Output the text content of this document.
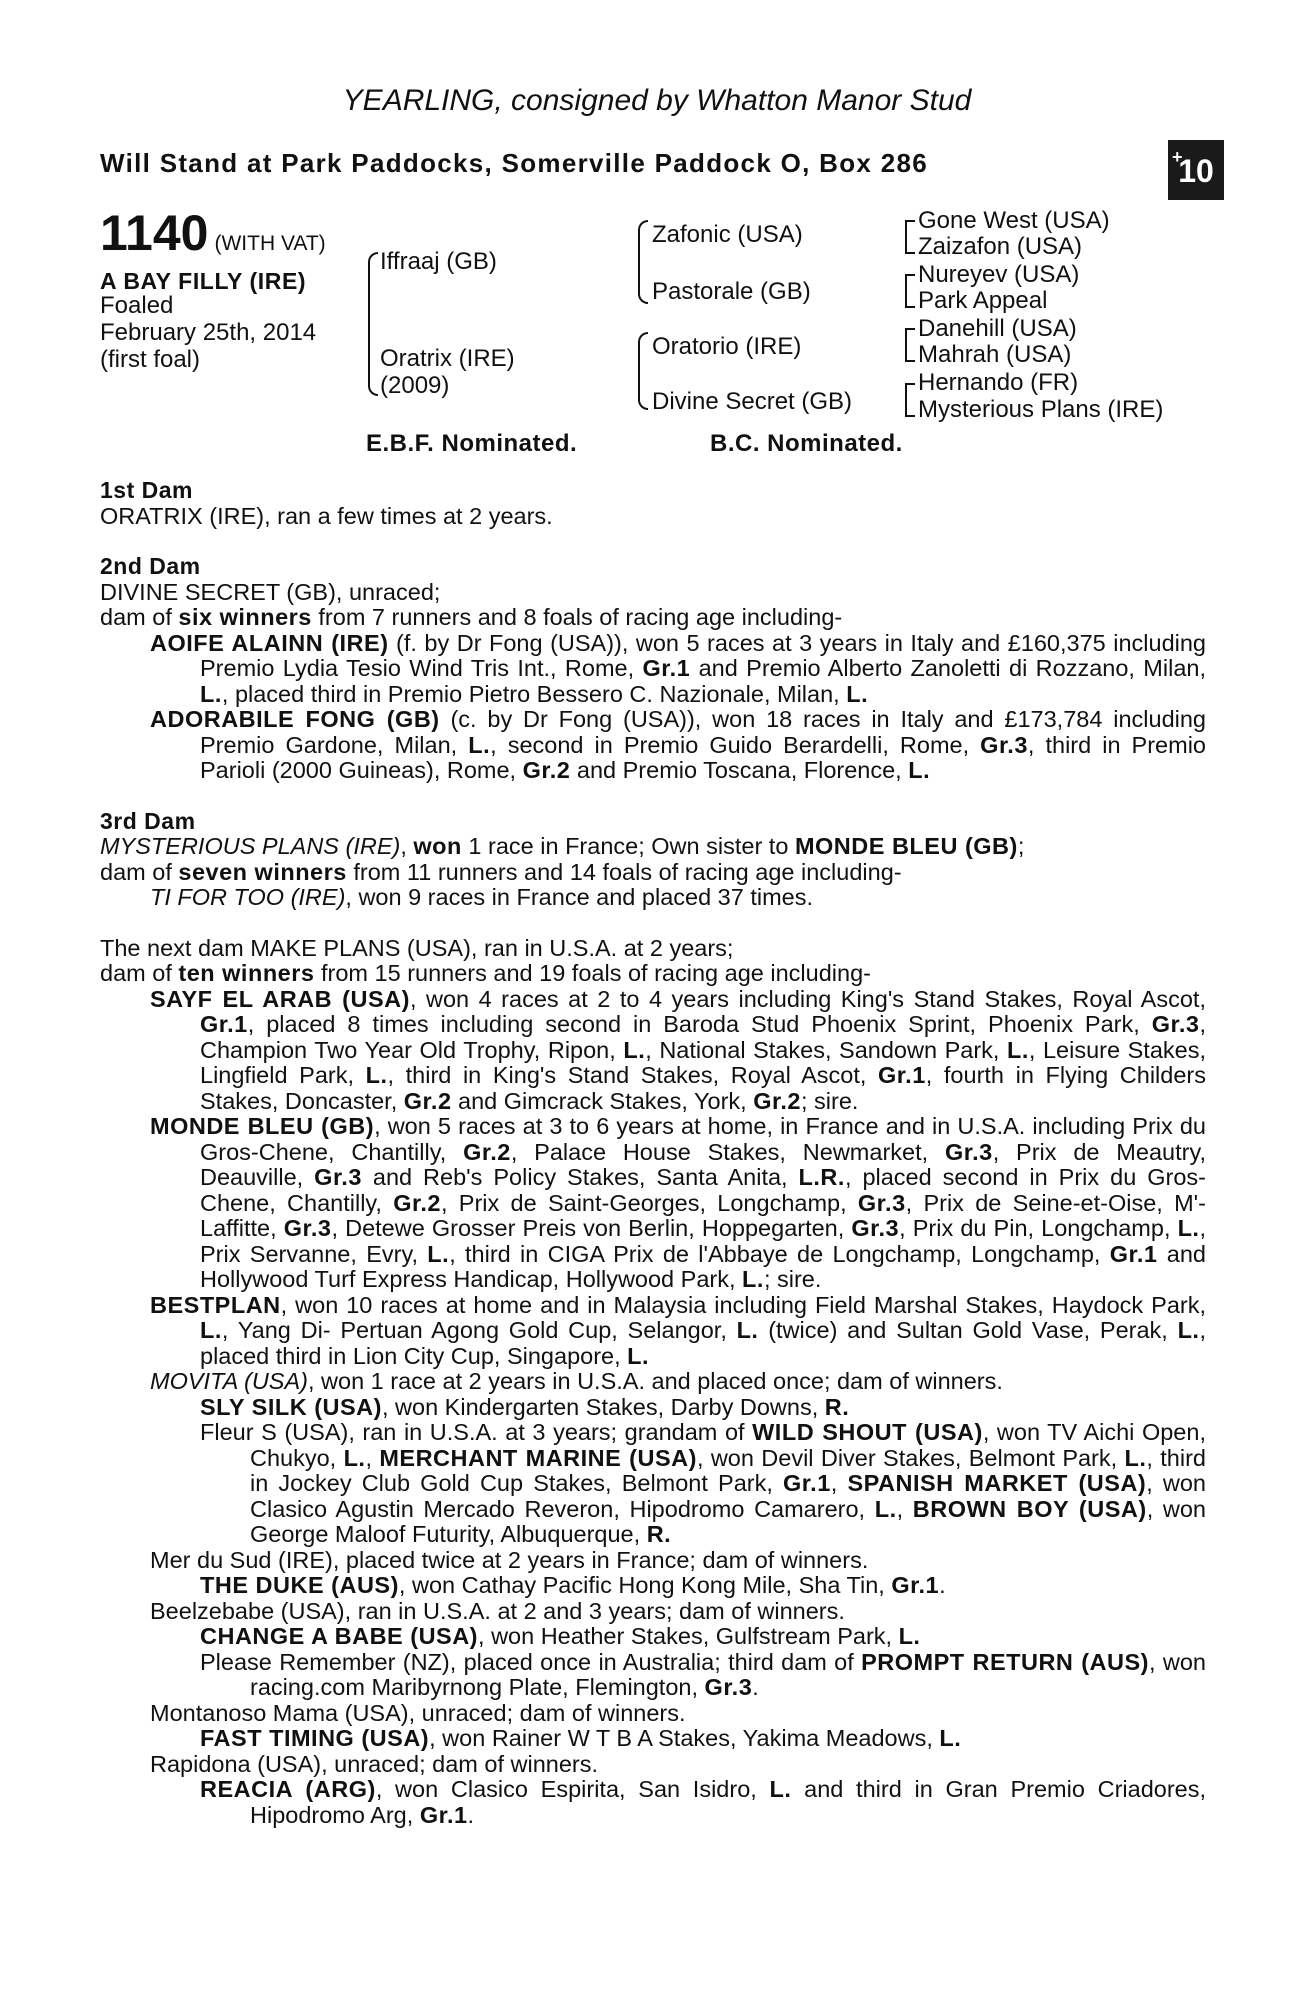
YEARLING, consigned by Whatton Manor Stud
Will Stand at Park Paddocks, Somerville Paddock O, Box 286	+
10
1140 (WITH VAT)
A BAY FILLY (IRE)
Foaled
February 25th, 2014
(first foal)
Iffraaj (GB)
Oratrix (IRE)
(2009)
Zafonic (USA)
Pastorale (GB)
Oratorio (IRE)
Divine Secret (GB)
Gone West (USA)
Zaizafon (USA)
Nureyev (USA)
Park Appeal
Danehill (USA)
Mahrah (USA)
Hernando (FR)
Mysterious Plans (IRE)
E.B.F. Nominated.	B.C. Nominated.
1st Dam
ORATRIX (IRE), ran a few times at 2 years.
2nd Dam
DIVINE SECRET (GB), unraced;
dam of six winners from 7 runners and 8 foals of racing age including-
AOIFE ALAINN (IRE) (f. by Dr Fong (USA)), won 5 races at 3 years in Italy and £160,375 including Premio Lydia Tesio Wind Tris Int., Rome, Gr.1 and Premio Alberto Zanoletti di Rozzano, Milan, L., placed third in Premio Pietro Bessero C. Nazionale, Milan, L.
ADORABILE FONG (GB) (c. by Dr Fong (USA)), won 18 races in Italy and £173,784 including Premio Gardone, Milan, L., second in Premio Guido Berardelli, Rome, Gr.3, third in Premio Parioli (2000 Guineas), Rome, Gr.2 and Premio Toscana, Florence, L.
3rd Dam
MYSTERIOUS PLANS (IRE), won 1 race in France; Own sister to MONDE BLEU (GB);
dam of seven winners from 11 runners and 14 foals of racing age including-
TI FOR TOO (IRE), won 9 races in France and placed 37 times.
The next dam MAKE PLANS (USA), ran in U.S.A. at 2 years;
dam of ten winners from 15 runners and 19 foals of racing age including-
SAYF EL ARAB (USA), won 4 races at 2 to 4 years including King's Stand Stakes, Royal Ascot, Gr.1, placed 8 times including second in Baroda Stud Phoenix Sprint, Phoenix Park, Gr.3, Champion Two Year Old Trophy, Ripon, L., National Stakes, Sandown Park, L., Leisure Stakes, Lingfield Park, L., third in King's Stand Stakes, Royal Ascot, Gr.1, fourth in Flying Childers Stakes, Doncaster, Gr.2 and Gimcrack Stakes, York, Gr.2; sire.
MONDE BLEU (GB), won 5 races at 3 to 6 years at home, in France and in U.S.A. including Prix du Gros-Chene, Chantilly, Gr.2, Palace House Stakes, Newmarket, Gr.3, Prix de Meautry, Deauville, Gr.3 and Reb's Policy Stakes, Santa Anita, L.R., placed second in Prix du Gros-Chene, Chantilly, Gr.2, Prix de Saint-Georges, Longchamp, Gr.3, Prix de Seine-et-Oise, M'-Laffitte, Gr.3, Detewe Grosser Preis von Berlin, Hoppegarten, Gr.3, Prix du Pin, Longchamp, L., Prix Servanne, Evry, L., third in CIGA Prix de l'Abbaye de Longchamp, Longchamp, Gr.1 and Hollywood Turf Express Handicap, Hollywood Park, L.; sire.
BESTPLAN, won 10 races at home and in Malaysia including Field Marshal Stakes, Haydock Park, L., Yang Di- Pertuan Agong Gold Cup, Selangor, L. (twice) and Sultan Gold Vase, Perak, L., placed third in Lion City Cup, Singapore, L.
MOVITA (USA), won 1 race at 2 years in U.S.A. and placed once; dam of winners.
SLY SILK (USA), won Kindergarten Stakes, Darby Downs, R.
Fleur S (USA), ran in U.S.A. at 3 years; grandam of WILD SHOUT (USA), won TV Aichi Open, Chukyo, L., MERCHANT MARINE (USA), won Devil Diver Stakes, Belmont Park, L., third in Jockey Club Gold Cup Stakes, Belmont Park, Gr.1, SPANISH MARKET (USA), won Clasico Agustin Mercado Reveron, Hipodromo Camarero, L., BROWN BOY (USA), won George Maloof Futurity, Albuquerque, R.
Mer du Sud (IRE), placed twice at 2 years in France; dam of winners.
THE DUKE (AUS), won Cathay Pacific Hong Kong Mile, Sha Tin, Gr.1.
Beelzebabe (USA), ran in U.S.A. at 2 and 3 years; dam of winners.
CHANGE A BABE (USA), won Heather Stakes, Gulfstream Park, L.
Please Remember (NZ), placed once in Australia; third dam of PROMPT RETURN (AUS), won racing.com Maribyrnong Plate, Flemington, Gr.3.
Montanoso Mama (USA), unraced; dam of winners.
FAST TIMING (USA), won Rainer W T B A Stakes, Yakima Meadows, L.
Rapidona (USA), unraced; dam of winners.
REACIA (ARG), won Clasico Espirita, San Isidro, L. and third in Gran Premio Criadores, Hipodromo Arg, Gr.1.
